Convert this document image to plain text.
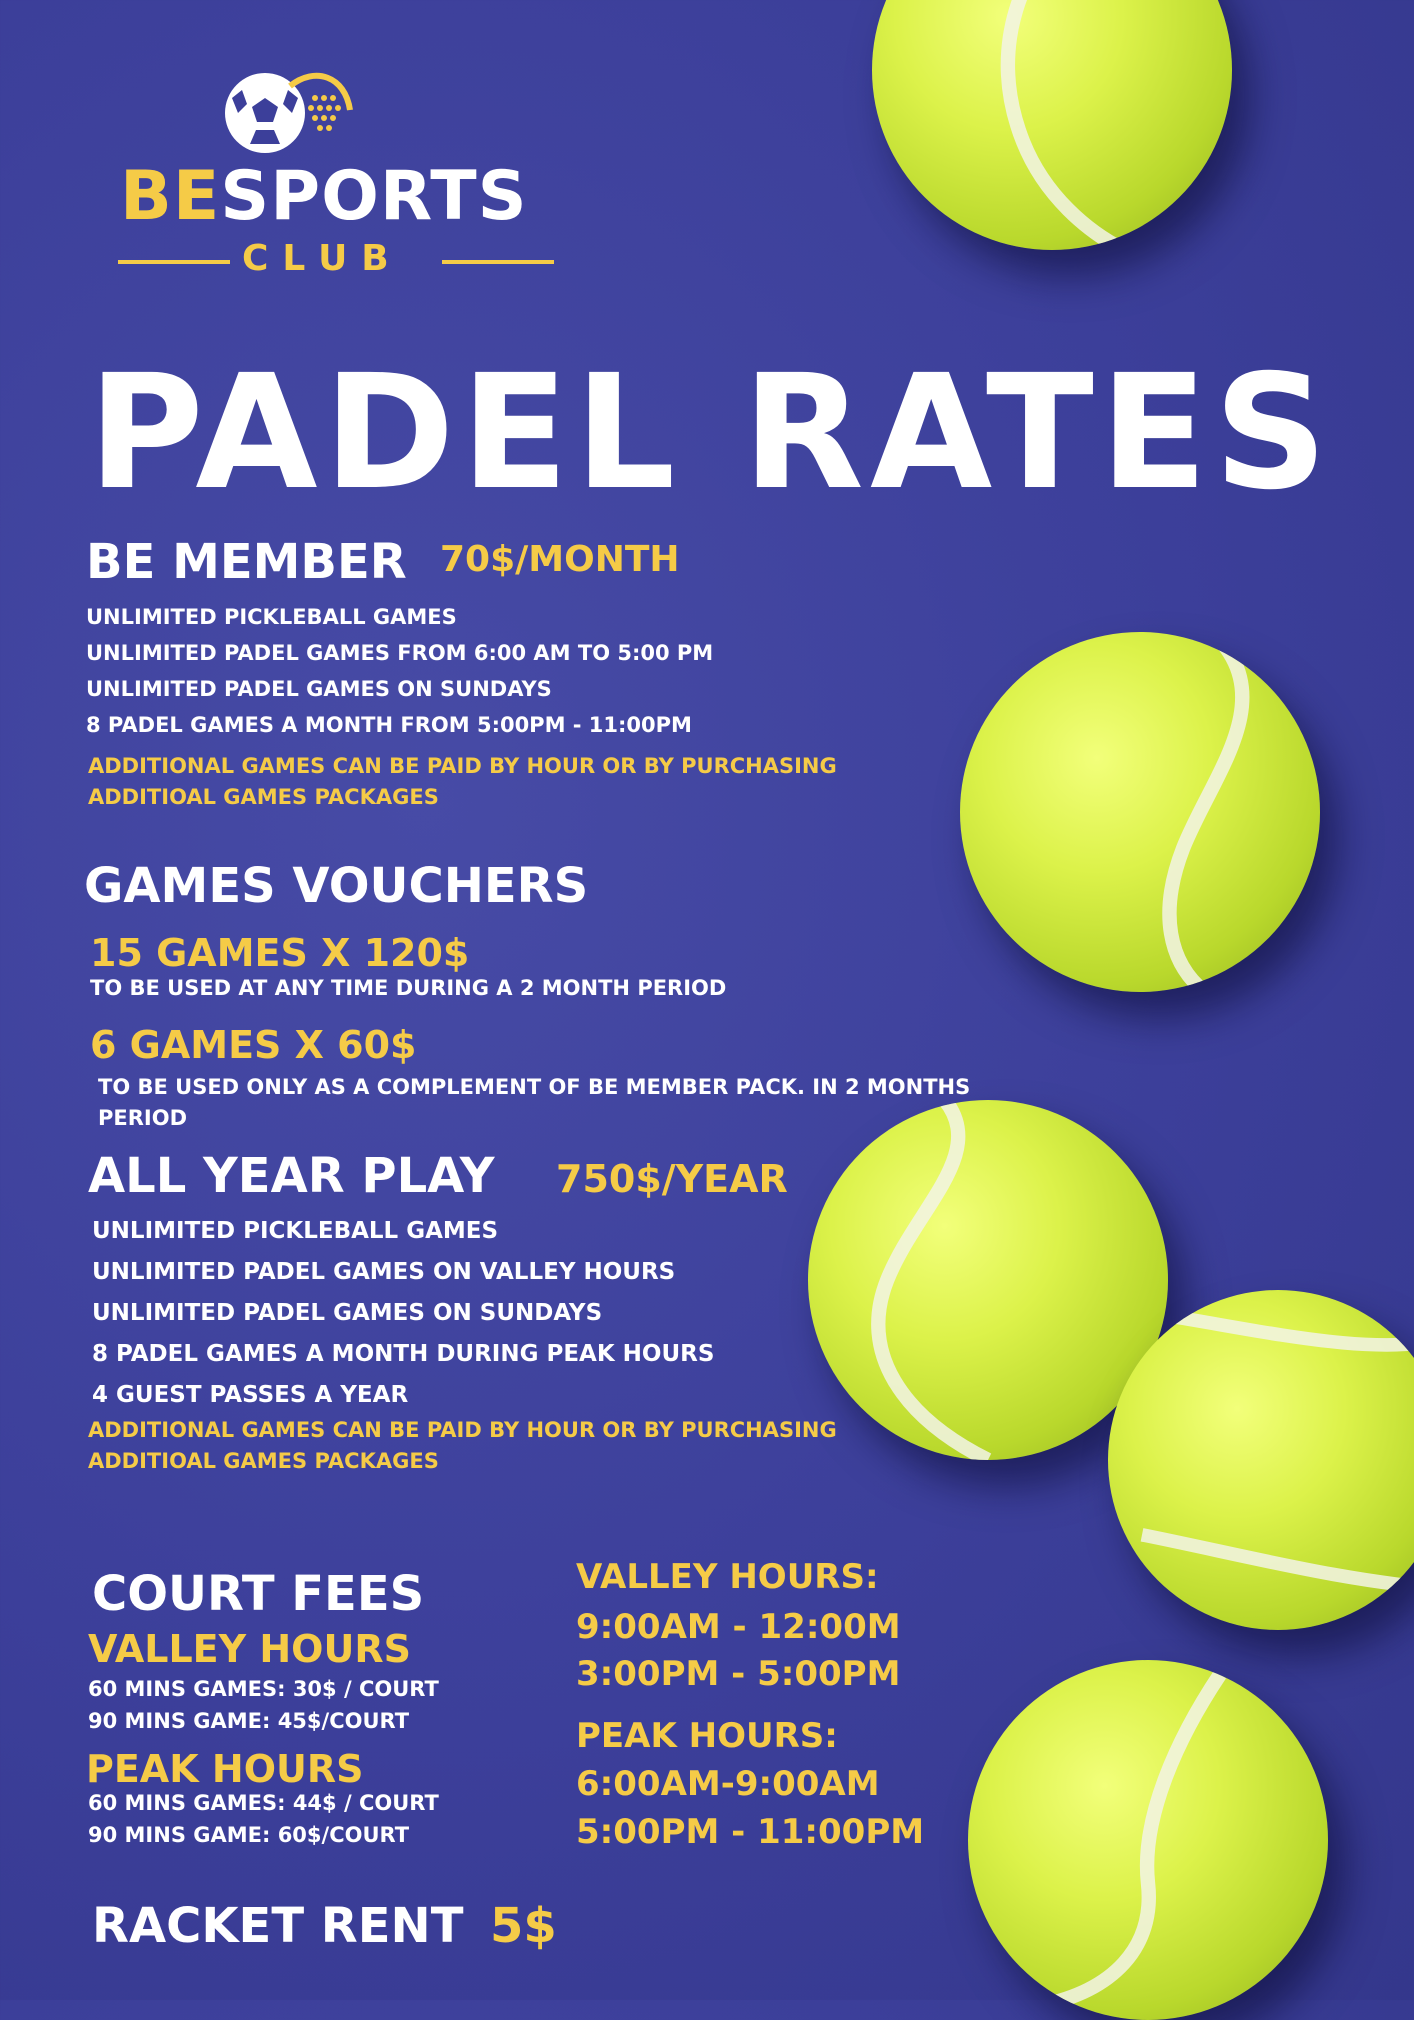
BESPORTS
CLUB
PADEL RATES
BE MEMBER 70$/MONTH
UNLIMITED PICKLEBALL GAMES
UNLIMITED PADEL GAMES FROM 6:00 AM TO 5:00 PM
UNLIMITED PADEL GAMES ON SUNDAYS
8 PADEL GAMES A MONTH FROM 5:00PM - 11:00PM
ADDITIONAL GAMES CAN BE PAID BY HOUR OR BY PURCHASING ADDITIOAL GAMES PACKAGES
GAMES VOUCHERS
15 GAMES X 120$
TO BE USED AT ANY TIME DURING A 2 MONTH PERIOD
6 GAMES X 60$
TO BE USED ONLY AS A COMPLEMENT OF BE MEMBER PACK. IN 2 MONTHS PERIOD
ALL YEAR PLAY 750$/YEAR
UNLIMITED PICKLEBALL GAMES
UNLIMITED PADEL GAMES ON VALLEY HOURS
UNLIMITED PADEL GAMES ON SUNDAYS
8 PADEL GAMES A MONTH DURING PEAK HOURS
4 GUEST PASSES A YEAR
ADDITIONAL GAMES CAN BE PAID BY HOUR OR BY PURCHASING ADDITIOAL GAMES PACKAGES
COURT FEES
VALLEY HOURS
60 MINS GAMES: 30$ / COURT
90 MINS GAME: 45$/COURT
PEAK HOURS
60 MINS GAMES: 44$ / COURT
90 MINS GAME: 60$/COURT
VALLEY HOURS:
9:00AM - 12:00M
3:00PM - 5:00PM
PEAK HOURS:
6:00AM-9:00AM
5:00PM - 11:00PM
RACKET RENT 5$
